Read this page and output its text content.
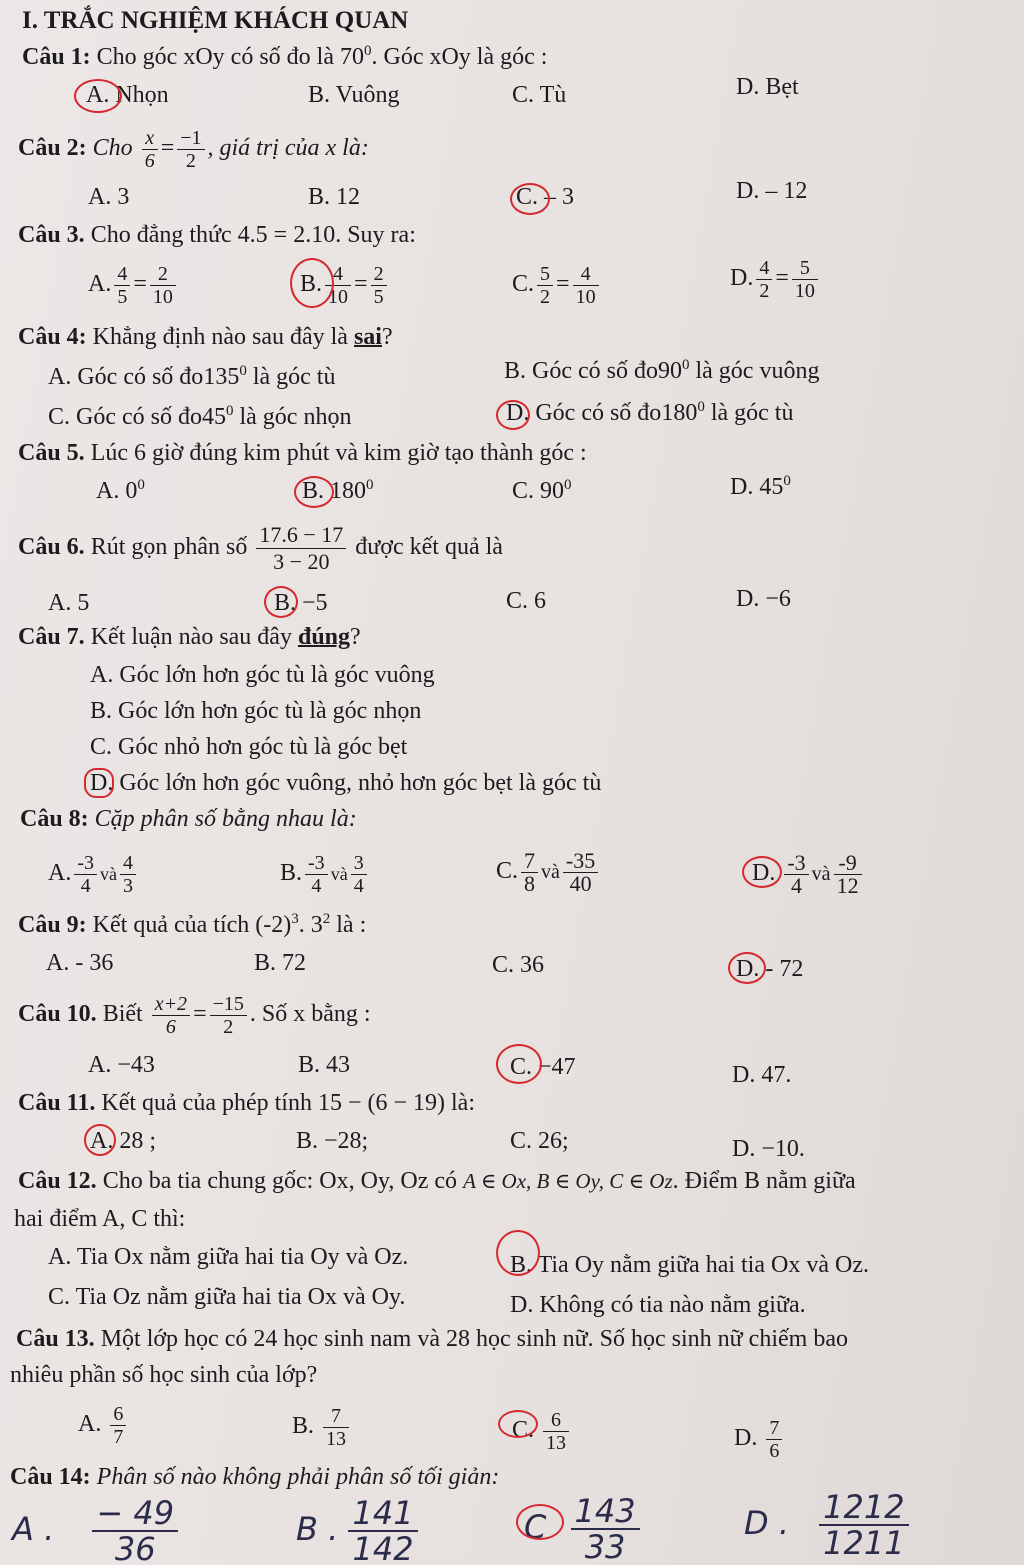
I. TRẮC NGHIỆM KHÁCH QUAN
Câu 1: Cho góc xOy có số đo là $70^0$. Góc xOy là góc :
A. Nhọn	B. Vuông	C. Tù	D. Bẹt
Câu 2: Cho $\frac{x}{6} = \frac{-1}{2}$ , giá trị của x là:
A. 3	B. 12	C. – 3	D. – 12
Câu 3. Cho đẳng thức 4.5 = 2.10. Suy ra:
A. $\frac{4}{5} = \frac{2}{10}$	B. $\frac{4}{10} = \frac{2}{5}$	C. $\frac{5}{2} = \frac{4}{10}$	D. $\frac{4}{2} = \frac{5}{10}$
Câu 4: Khẳng định nào sau đây là sai?
A. Góc có số $đo135^0$ là góc tù	B. Góc có số $đo90^0$ là góc vuông
C. Góc có số $đo45^0$ là góc nhọn	D. Góc có số $đo180^0$ là góc tù
Câu 5. Lúc 6 giờ đúng kim phút và kim giờ tạo thành góc :
A. $0^0$	B. $180^0$	C. $90^0$	D. $45^0$
Câu 6. Rút gọn phân số $\frac{17.6 - 17}{3 - 20}$ được kết quả là
A. 5	B. −5	C. 6	D. −6
Câu 7. Kết luận nào sau đây đúng?
A. Góc lớn hơn góc tù là góc vuông
B. Góc lớn hơn góc tù là góc nhọn
C. Góc nhỏ hơn góc tù là góc bẹt
D. Góc lớn hơn góc vuông, nhỏ hơn góc bẹt là góc tù
Câu 8: Cặp phân số bằng nhau là:
A. $\frac{-3}{4}$ và $\frac{4}{3}$	B. $\frac{-3}{4}$ và $\frac{3}{4}$	C. $\frac{7}{8}$ và $\frac{-35}{40}$	D. $\frac{-3}{4}$ và $\frac{-9}{12}$
Câu 9: Kết quả của tích $(-2)^3$. $3^2$ là :
A. - 36	B. 72	C. 36	D. - 72
Câu 10. Biết $\frac{x+2}{6} = \frac{-15}{2}$ . Số x bằng :
A. −43	B. 43	C. −47	D. 47.
Câu 11. Kết quả của phép tính 15 − (6 − 19) là:
A. 28 ;	B. −28;	C. 26;	D. −10.
Câu 12. Cho ba tia chung gốc: Ox, Oy, Oz có A ∈ Ox, B ∈ Oy, C ∈ Oz. Điểm B nằm giữa
hai điểm A, C thì:
A. Tia Ox nằm giữa hai tia Oy và Oz.	B. Tia Oy nằm giữa hai tia Ox và Oz.
C. Tia Oz nằm giữa hai tia Ox và Oy.	D. Không có tia nào nằm giữa.
Câu 13. Một lớp học có 24 học sinh nam và 28 học sinh nữ. Số học sinh nữ chiếm bao
nhiêu phần số học sinh của lớp?
A. $\frac{6}{7}$	B. $\frac{7}{13}$	C. $\frac{6}{13}$	D. $\frac{7}{6}$
Câu 14: Phân số nào không phải phân số tối giản:
A . $\frac{- 49}{36}$	B . $\frac{141}{142}$	C $\frac{143}{33}$	D . $\frac{1212}{1211}$
